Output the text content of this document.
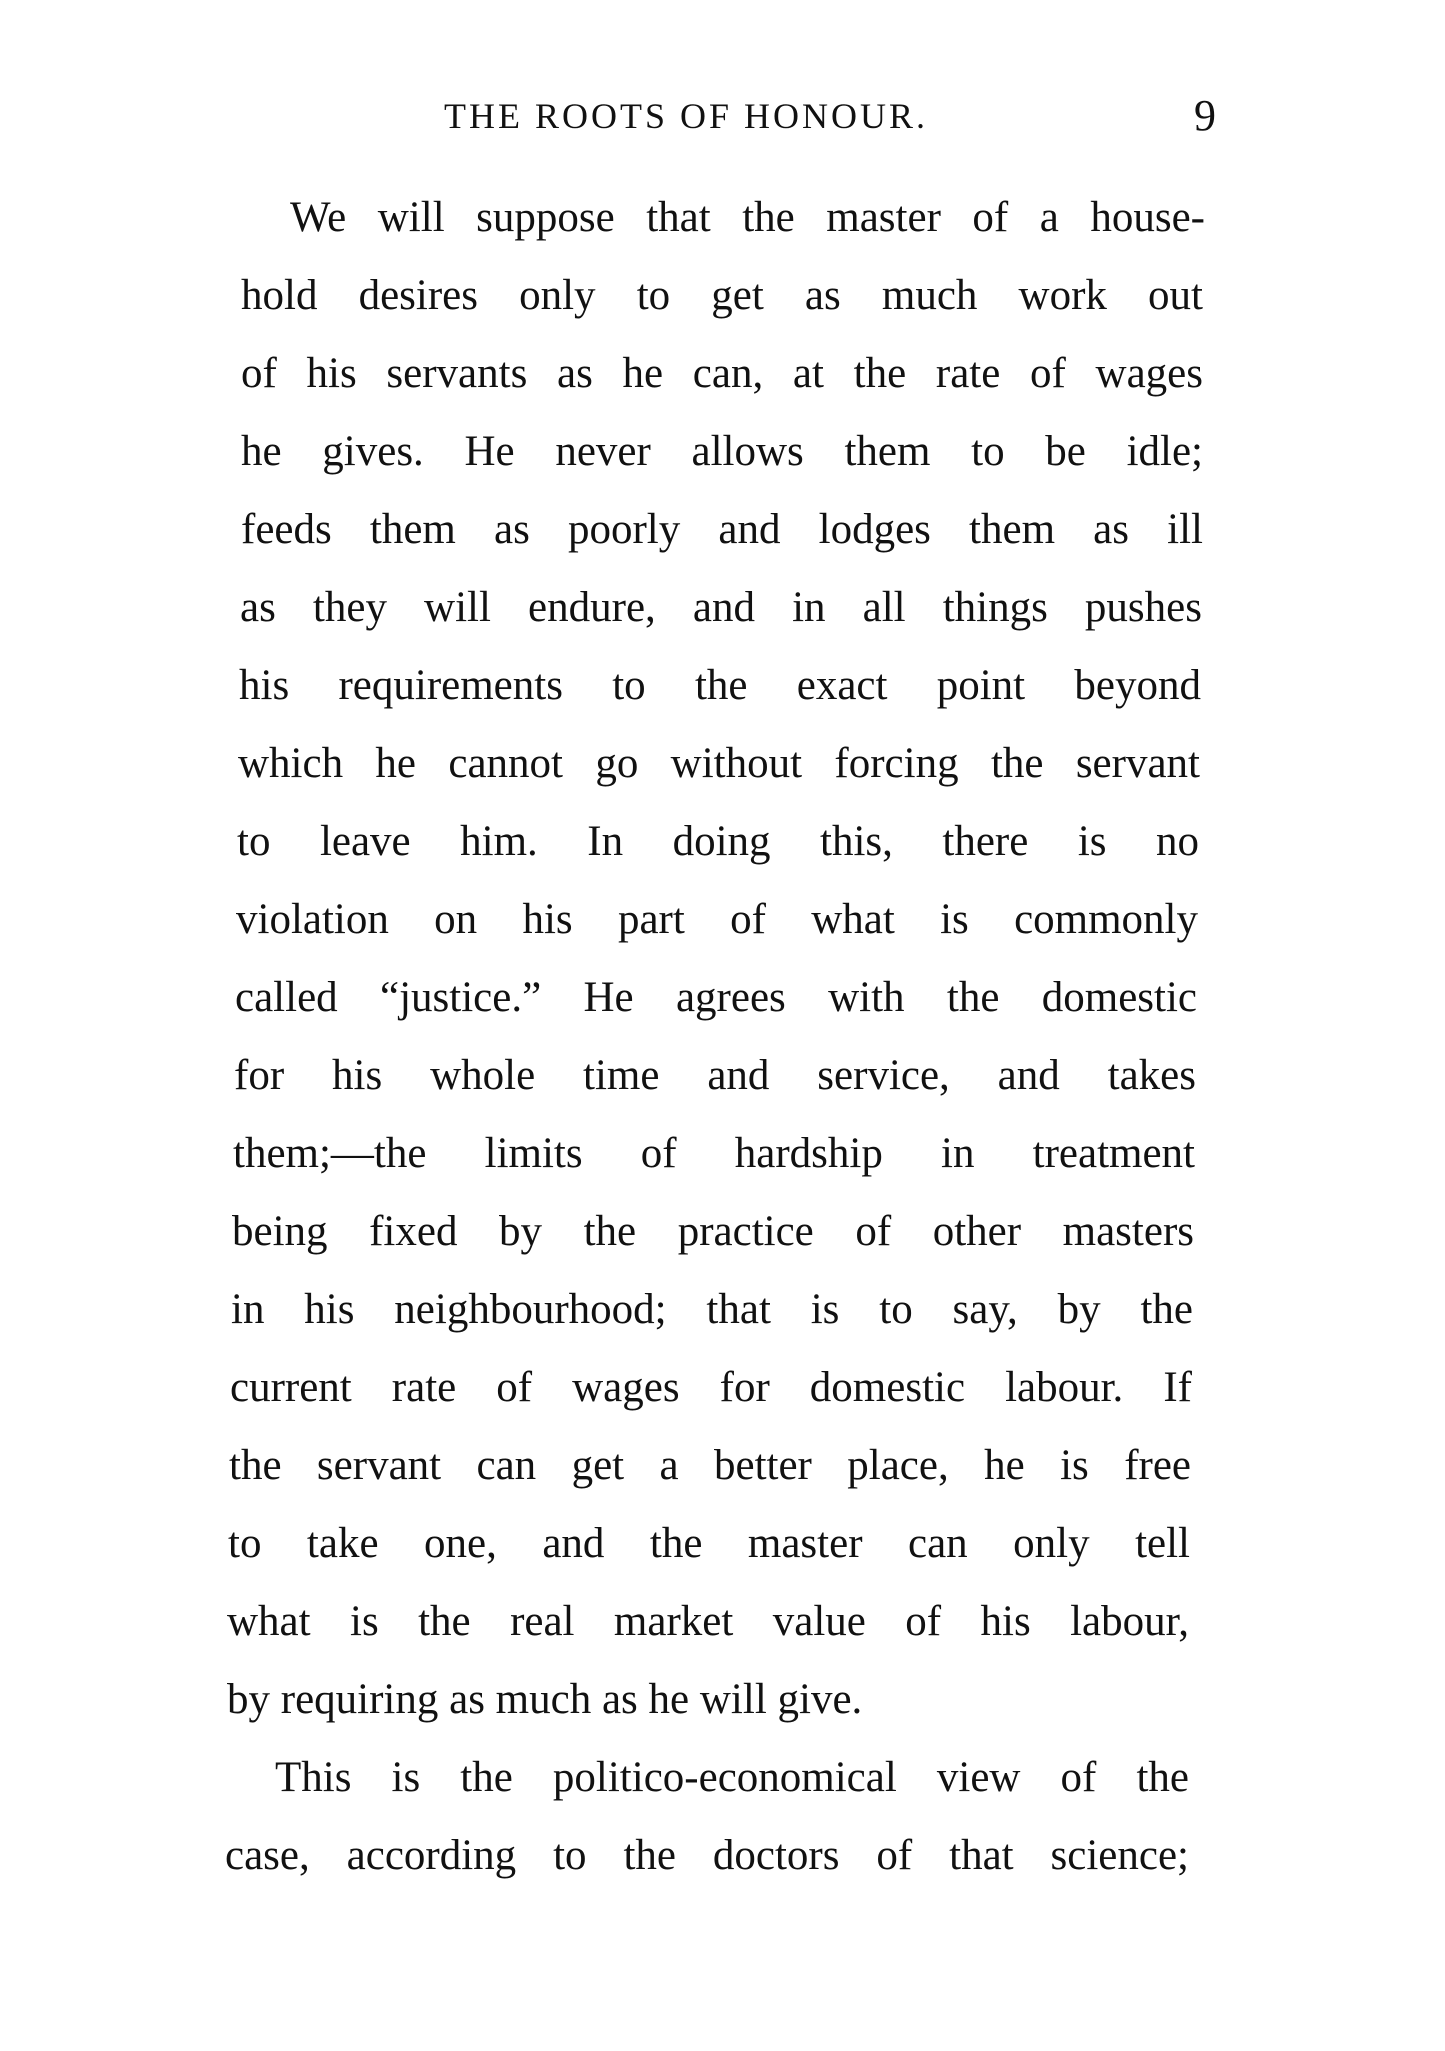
THE ROOTS OF HONOUR.	9
We will suppose that the master of a house-
hold desires only to get as much work out
of his servants as he can, at the rate of wages
he gives. He never allows them to be idle;
feeds them as poorly and lodges them as ill
as they will endure, and in all things pushes
his requirements to the exact point beyond
which he cannot go without forcing the servant
to leave him. In doing this, there is no
violation on his part of what is commonly
called “justice.” He agrees with the domestic
for his whole time and service, and takes
them;—the limits of hardship in treatment
being fixed by the practice of other masters
in his neighbourhood; that is to say, by the
current rate of wages for domestic labour. If
the servant can get a better place, he is free
to take one, and the master can only tell
what is the real market value of his labour,
by requiring as much as he will give.
This is the politico-economical view of the
case, according to the doctors of that science;
